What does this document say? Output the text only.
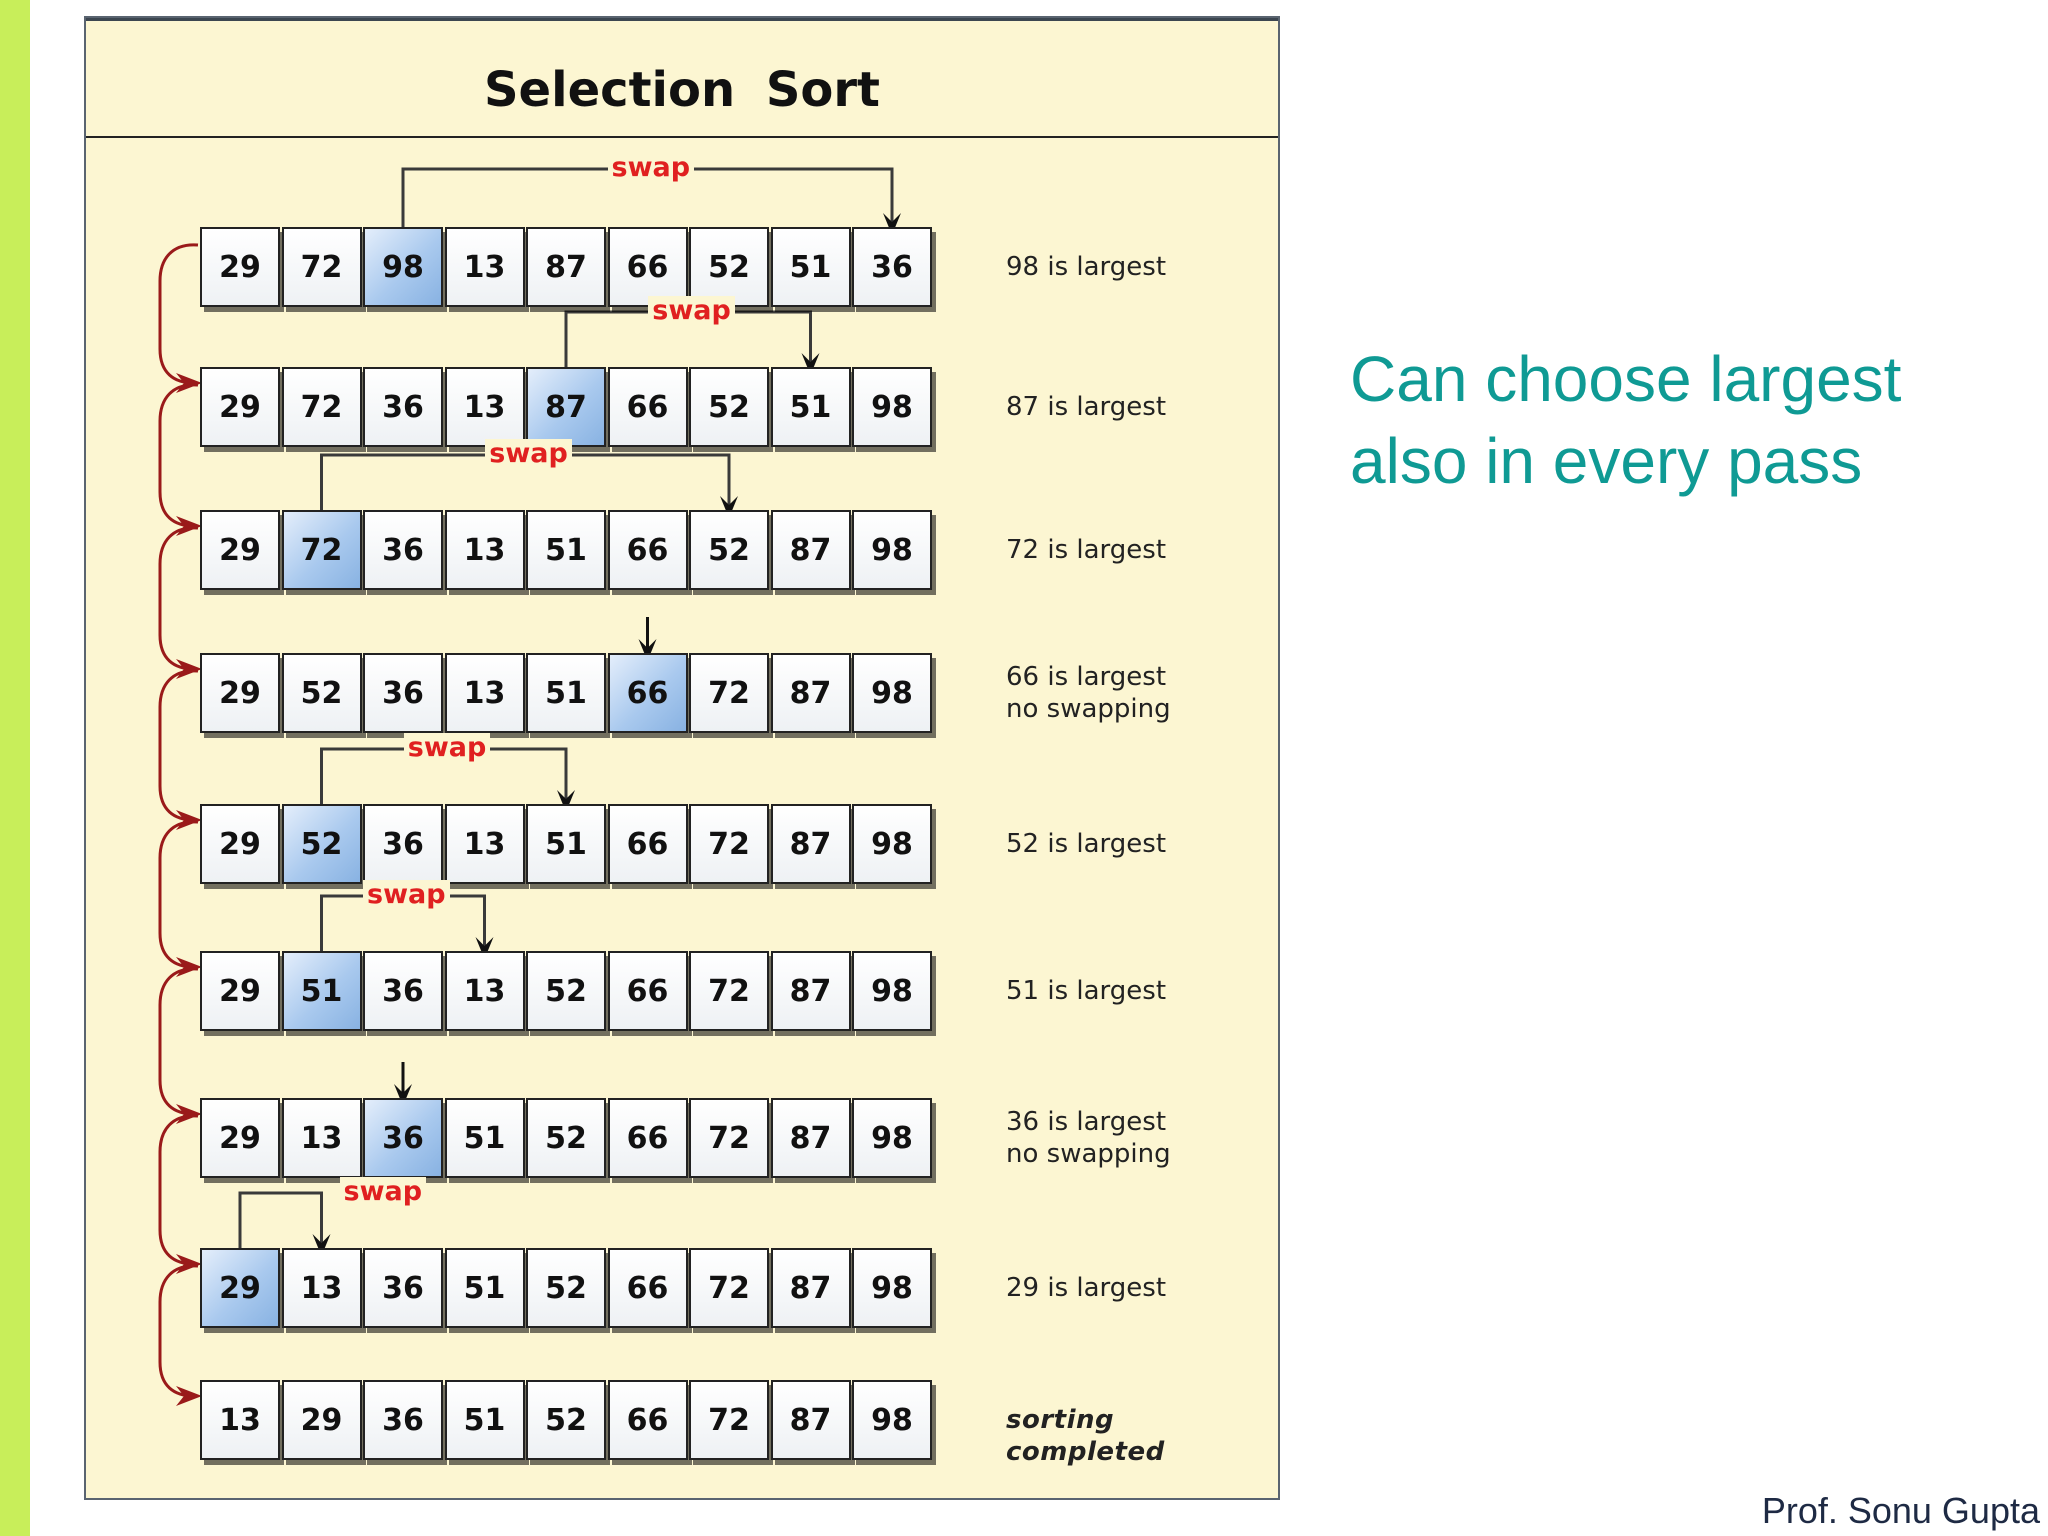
Selection Sort
29	72	98	13	87	66	52	51	36
29	72	36	13	87	66	52	51	98
29	72	36	13	51	66	52	87	98
29	52	36	13	51	66	72	87	98
29	52	36	13	51	66	72	87	98
29	51	36	13	52	66	72	87	98
29	13	36	51	52	66	72	87	98
29	13	36	51	52	66	72	87	98
13	29	36	51	52	66	72	87	98
98 is largest
swap
87 is largest
swap
72 is largest
swap
66 is largest
no swapping
52 is largest
swap
51 is largest
swap
36 is largest
no swapping
29 is largest
swap
sorting completed
Can choose largest also in every pass
Prof. Sonu Gupta
